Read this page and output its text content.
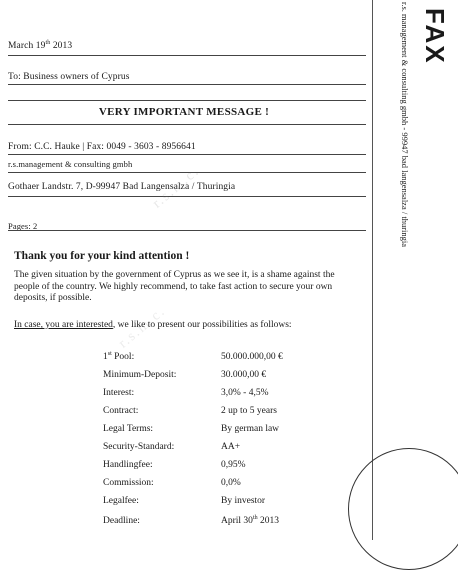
March 19th 2013
To: Business owners of Cyprus
VERY IMPORTANT MESSAGE !
From: C.C. Hauke | Fax: 0049 - 3603 - 8956641
r.s.management & consulting gmbh
Gothaer Landstr. 7, D-99947 Bad Langensalza / Thuringia
Pages: 2
r.s.m.c.
r.s.m.c.
FAX
r.s. management & consulting gmbh - 99947 bad langensalza / thuringia
Thank you for your kind attention !
The given situation by the government of Cyprus as we see it, is a shame against the people of the country. We highly recommend, to take fast action to secure your own deposits, if possible.
In case, you are interested, we like to present our possibilities as follows:
1st Pool:	50.000.000,00 €
Minimum-Deposit:	30.000,00 €
Interest:	3,0% - 4,5%
Contract:	2 up to 5 years
Legal Terms:	By german law
Security-Standard:	AA+
Handlingfee:	0,95%
Commission:	0,0%
Legalfee:	By investor
Deadline:	April 30th 2013
